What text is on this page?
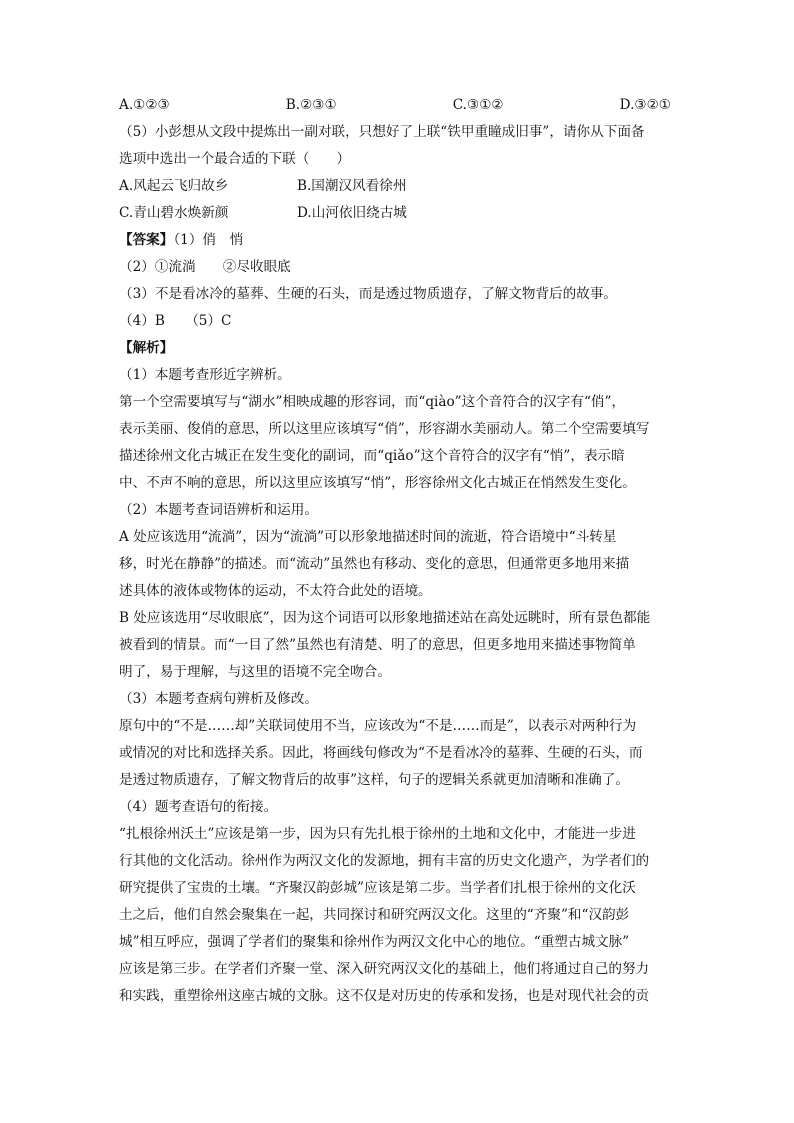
A.①②③	B.②③①	C.③①②	D.③②①
（5）小彭想从文段中提炼出一副对联，只想好了上联“铁甲重瞳成旧事”，请你从下面备
选项中选出一个最合适的下联（　　）
A.风起云飞归故乡	B.国潮汉风看徐州
C.青山碧水焕新颜	D.山河依旧绕古城
【答案】（1）俏　悄
（2）①流淌　　②尽收眼底
（3）不是看冰冷的墓葬、生硬的石头，而是透过物质遗存，了解文物背后的故事。
（4）B　　（5）C
【解析】
（1）本题考查形近字辨析。
第一个空需要填写与“湖水”相映成趣的形容词，而“qiào”这个音符合的汉字有“俏”，
表示美丽、俊俏的意思，所以这里应该填写“俏”，形容湖水美丽动人。第二个空需要填写
描述徐州文化古城正在发生变化的副词，而“qiǎo”这个音符合的汉字有“悄”，表示暗
中、不声不响的意思，所以这里应该填写“悄”，形容徐州文化古城正在悄然发生变化。
（2）本题考查词语辨析和运用。
A 处应该选用“流淌”，因为“流淌”可以形象地描述时间的流逝，符合语境中“斗转星
移，时光在静静”的描述。而“流动”虽然也有移动、变化的意思，但通常更多地用来描
述具体的液体或物体的运动，不太符合此处的语境。
B 处应该选用“尽收眼底”，因为这个词语可以形象地描述站在高处远眺时，所有景色都能
被看到的情景。而“一目了然”虽然也有清楚、明了的意思，但更多地用来描述事物简单
明了，易于理解，与这里的语境不完全吻合。
（3）本题考查病句辨析及修改。
原句中的“不是……却”关联词使用不当，应该改为“不是……而是”，以表示对两种行为
或情况的对比和选择关系。因此，将画线句修改为“不是看冰冷的墓葬、生硬的石头，而
是透过物质遗存，了解文物背后的故事”这样，句子的逻辑关系就更加清晰和准确了。
（4）题考查语句的衔接。
“扎根徐州沃土”应该是第一步，因为只有先扎根于徐州的土地和文化中，才能进一步进
行其他的文化活动。徐州作为两汉文化的发源地，拥有丰富的历史文化遗产，为学者们的
研究提供了宝贵的土壤。“齐聚汉韵彭城”应该是第二步。当学者们扎根于徐州的文化沃
土之后，他们自然会聚集在一起，共同探讨和研究两汉文化。这里的“齐聚”和“汉韵彭
城”相互呼应，强调了学者们的聚集和徐州作为两汉文化中心的地位。“重塑古城文脉”
应该是第三步。在学者们齐聚一堂、深入研究两汉文化的基础上，他们将通过自己的努力
和实践，重塑徐州这座古城的文脉。这不仅是对历史的传承和发扬，也是对现代社会的贡
